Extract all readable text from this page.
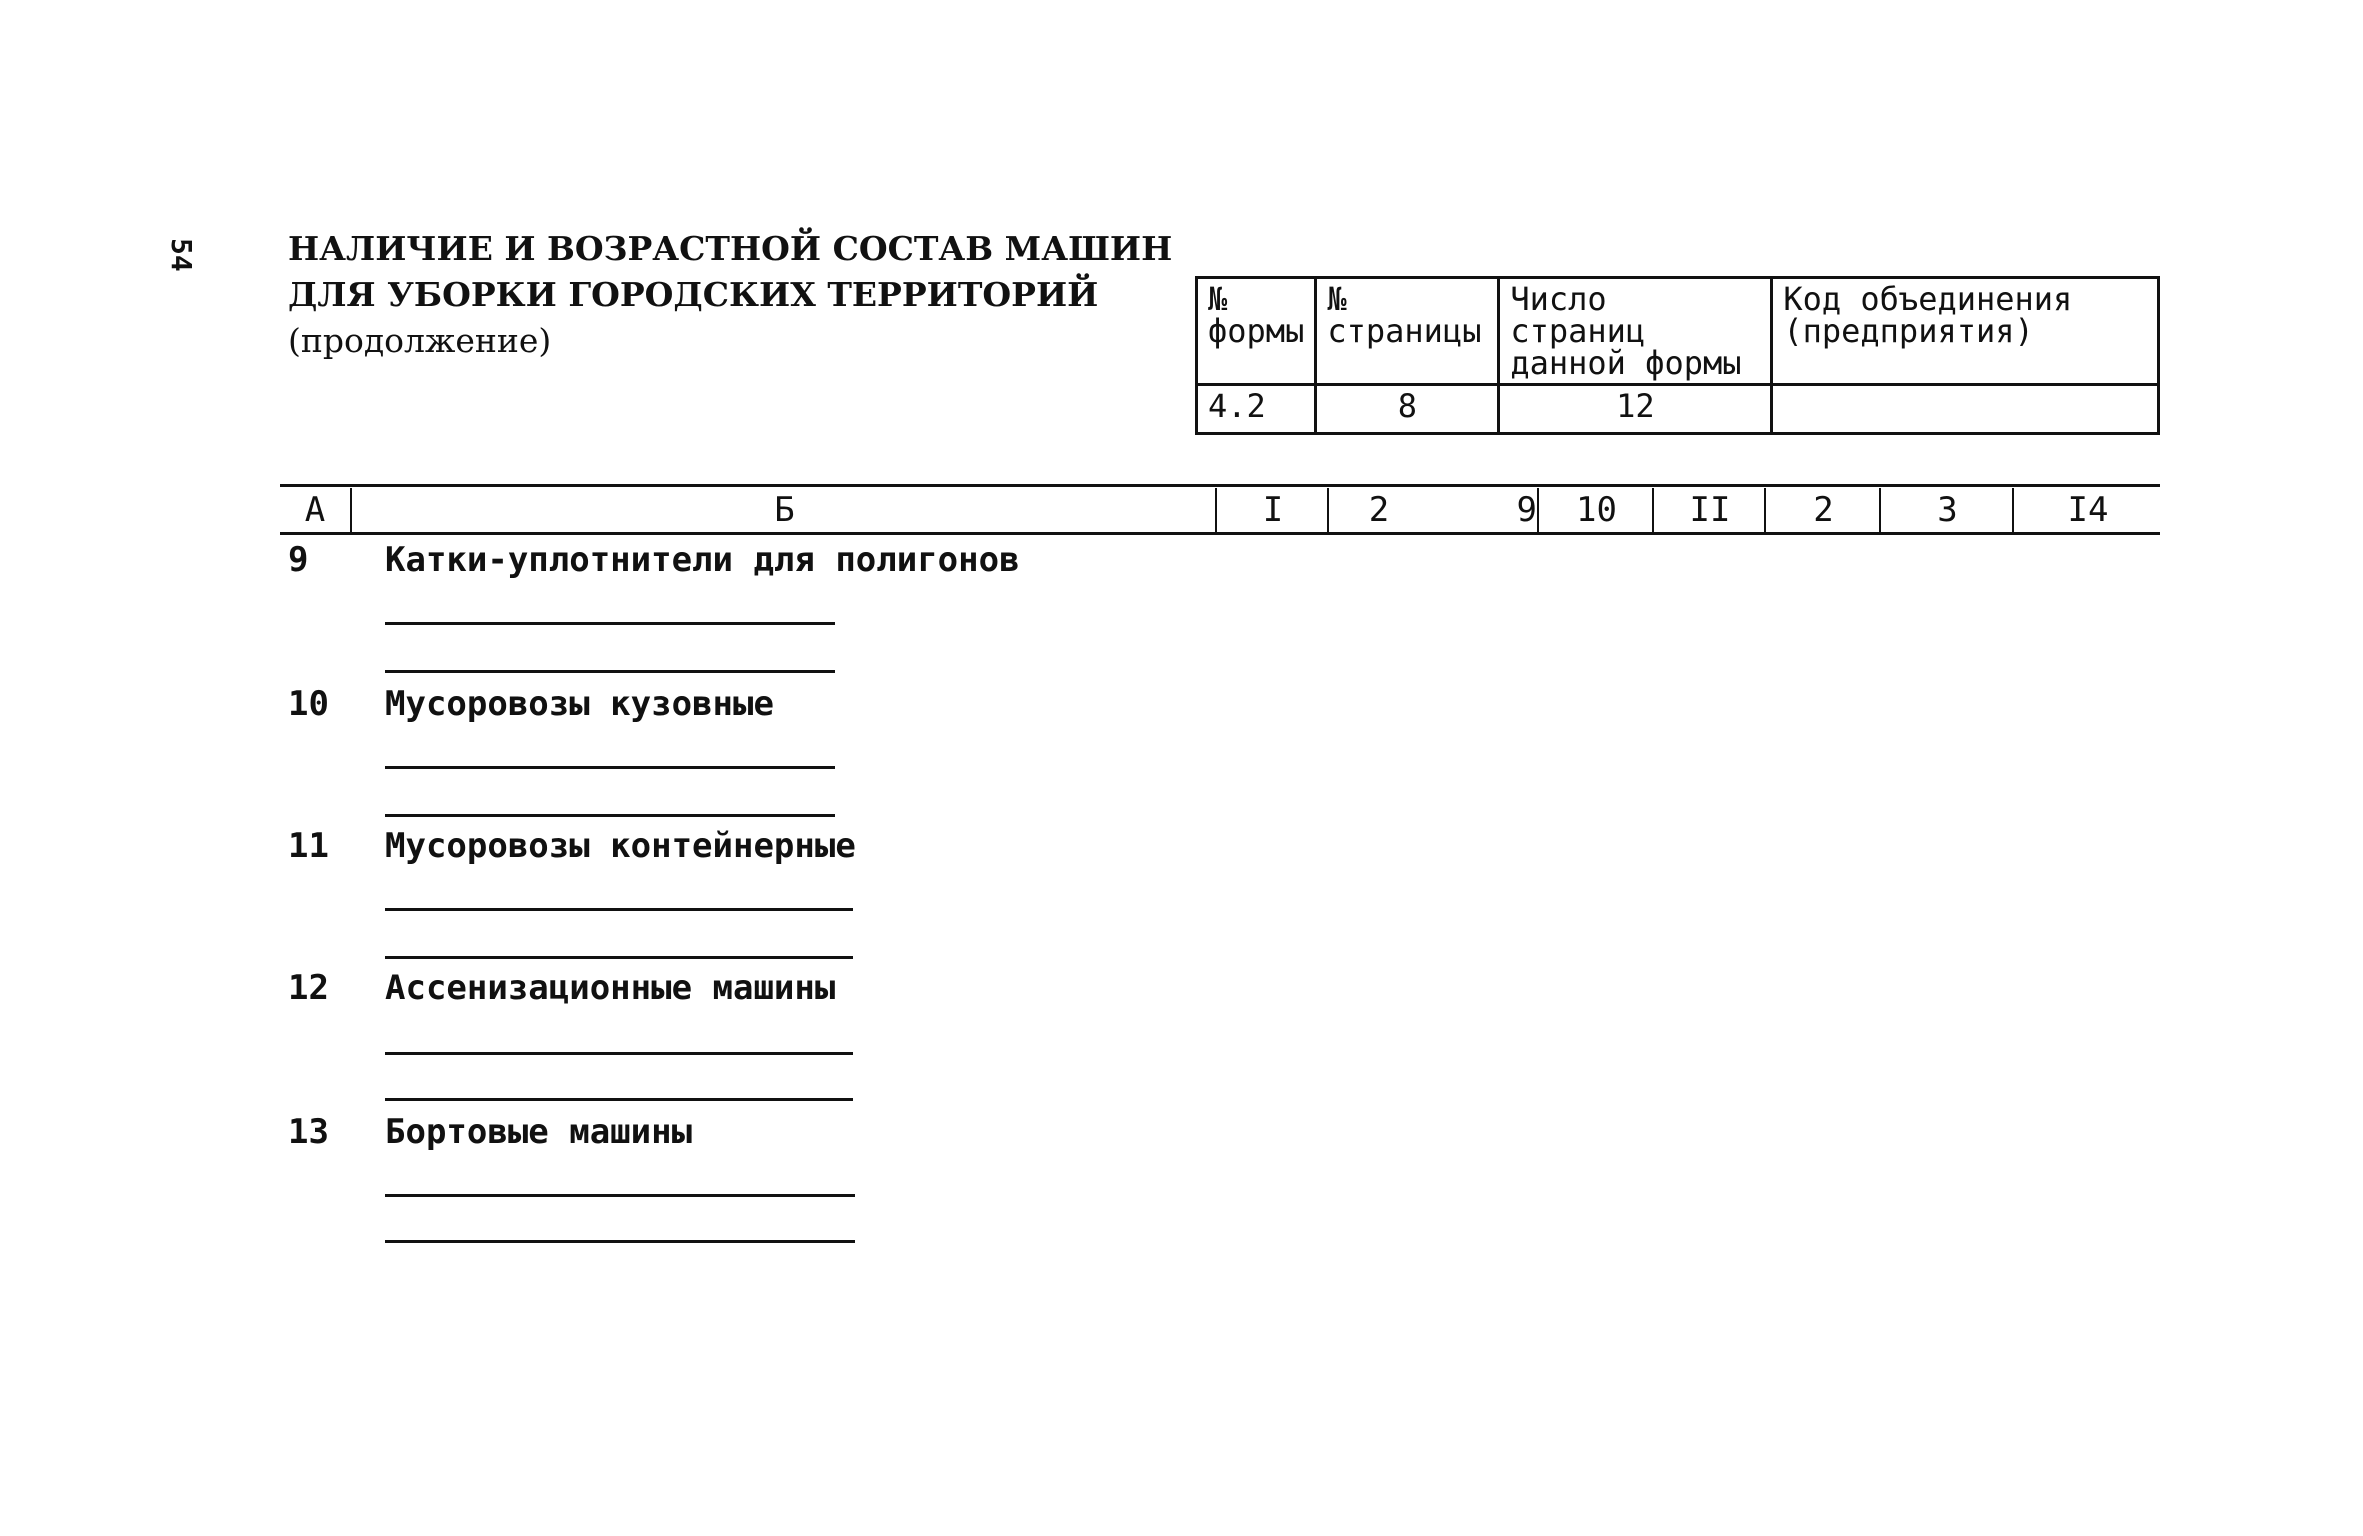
54	НАЛИЧИЕ И ВОЗРАСТНОЙ СОСТАВ МАШИН
ДЛЯ УБОРКИ ГОРОДСКИХ ТЕРРИТОРИЙ
(продолжение)
№ формы	№ страницы	Число страниц данной формы	Код объединения (предприятия)
4.2	8	12	
А	Б	I	2	9	10	II	2	3	I4
9 Катки-уплотнители для полигонов
10 Мусоровозы кузовные
11 Мусоровозы контейнерные
12 Ассенизационные машины
13 Бортовые машины
